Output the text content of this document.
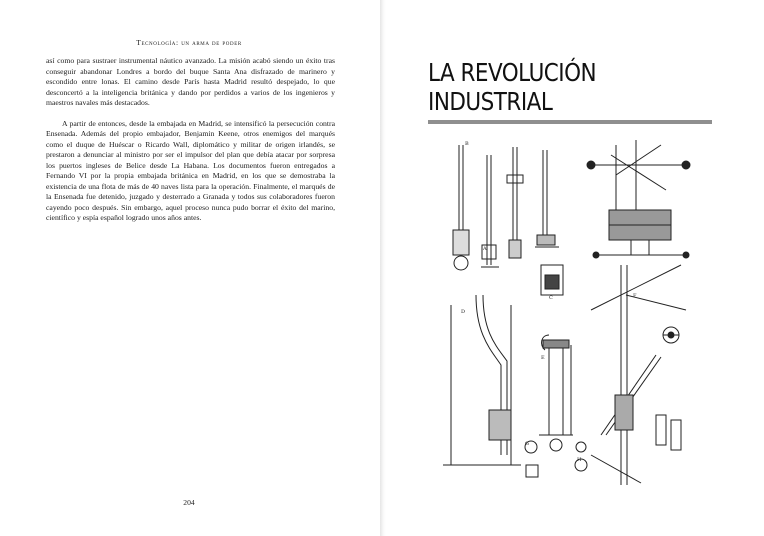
Tecnología: un arma de poder

así como para sustraer instrumental náutico avanzado. La misión acabó siendo un éxito tras conseguir abandonar Londres a bordo del buque Santa Ana disfrazado de marinero y escondido entre lonas. El camino desde París hasta Madrid resultó despejado, lo que desconcertó a la inteligencia británica y dando por perdidos a varios de los ingenieros y maestros navales más destacados.

A partir de entonces, desde la embajada en Madrid, se intensificó la persecución contra Ensenada. Además del propio embajador, Benjamin Keene, otros enemigos del marqués como el duque de Huéscar o Ricardo Wall, diplomático y militar de origen irlandés, se prestaron a denunciar al ministro por ser el impulsor del plan que debía atacar por sorpresa los puertos ingleses de Belice desde La Habana. Los documentos fueron entregados a Fernando VI por la propia embajada británica en Madrid, en los que se demostraba la existencia de una flota de más de 40 naves lista para la operación. Finalmente, el marqués de la Ensenada fue detenido, juzgado y desterrado a Granada y todos sus colaboradores fueron cayendo poco después. Sin embargo, aquel proceso nunca pudo borrar el éxito del marino, científico y espía español logrado unos años antes.

204
LA REVOLUCIÓN
INDUSTRIAL
B
A
C
D
E
F
G
H
